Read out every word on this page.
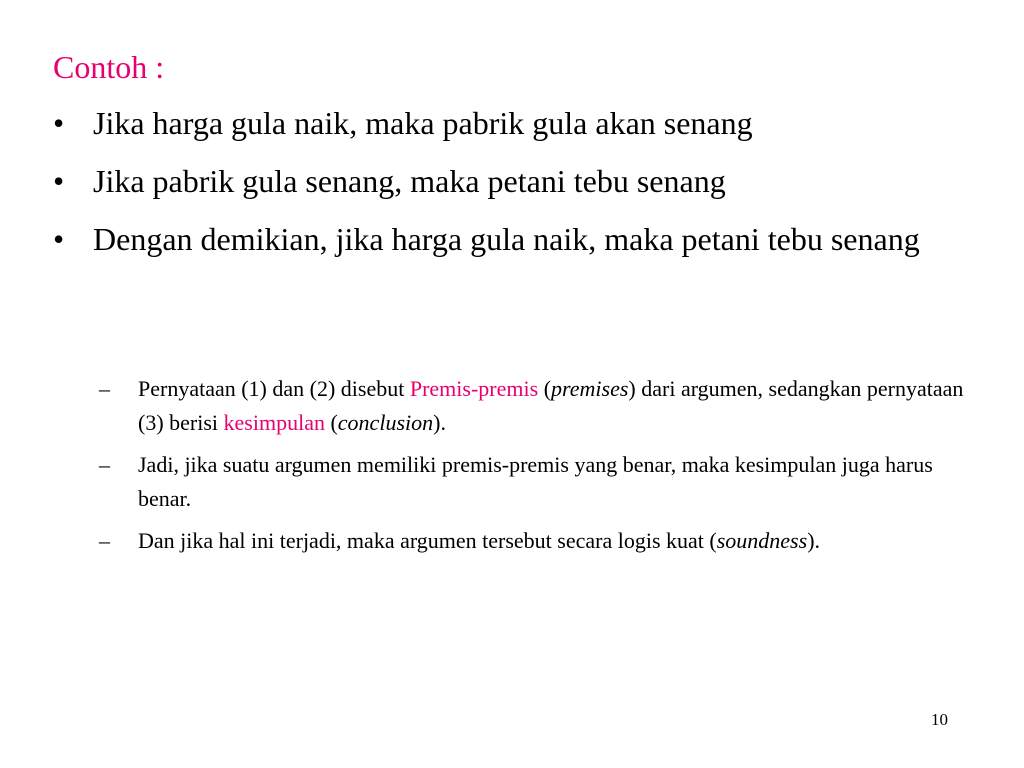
Contoh :
• Jika harga gula naik, maka pabrik gula akan senang
• Jika pabrik gula senang, maka petani tebu senang
• Dengan demikian, jika harga gula naik, maka petani tebu senang
– Pernyataan (1) dan (2) disebut Premis-premis (premises) dari argumen, sedangkan pernyataan (3) berisi kesimpulan (conclusion).
– Jadi, jika suatu argumen memiliki premis-premis yang benar, maka kesimpulan juga harus benar.
– Dan jika hal ini terjadi, maka argumen tersebut secara logis kuat (soundness).
10
